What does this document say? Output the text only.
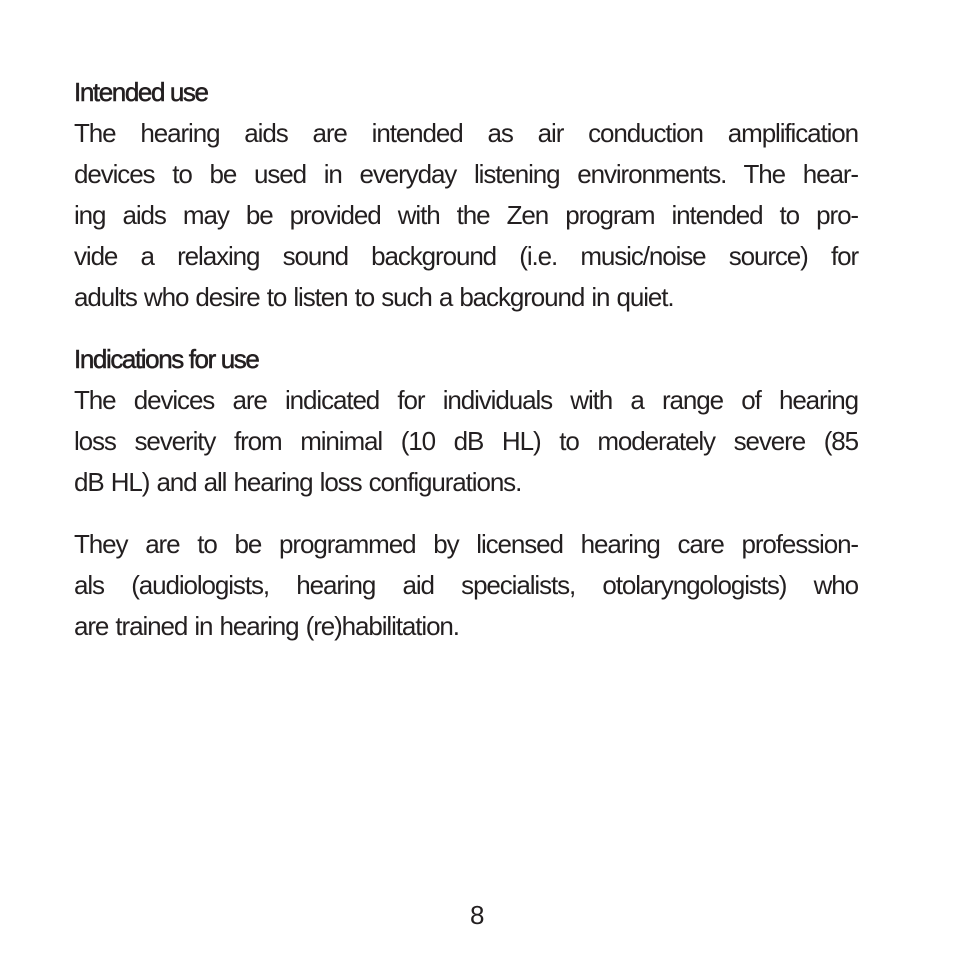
Intended use
The hearing aids are intended as air conduction amplification
devices to be used in everyday listening environments. The hear-
ing aids may be provided with the Zen program intended to pro-
vide a relaxing sound background (i.e. music/noise source) for
adults who desire to listen to such a background in quiet.
Indications for use
The devices are indicated for individuals with a range of hearing
loss severity from minimal (10 dB HL) to moderately severe (85
dB HL) and all hearing loss configurations.
They are to be programmed by licensed hearing care profession-
als (audiologists, hearing aid specialists, otolaryngologists) who
are trained in hearing (re)habilitation.
8
